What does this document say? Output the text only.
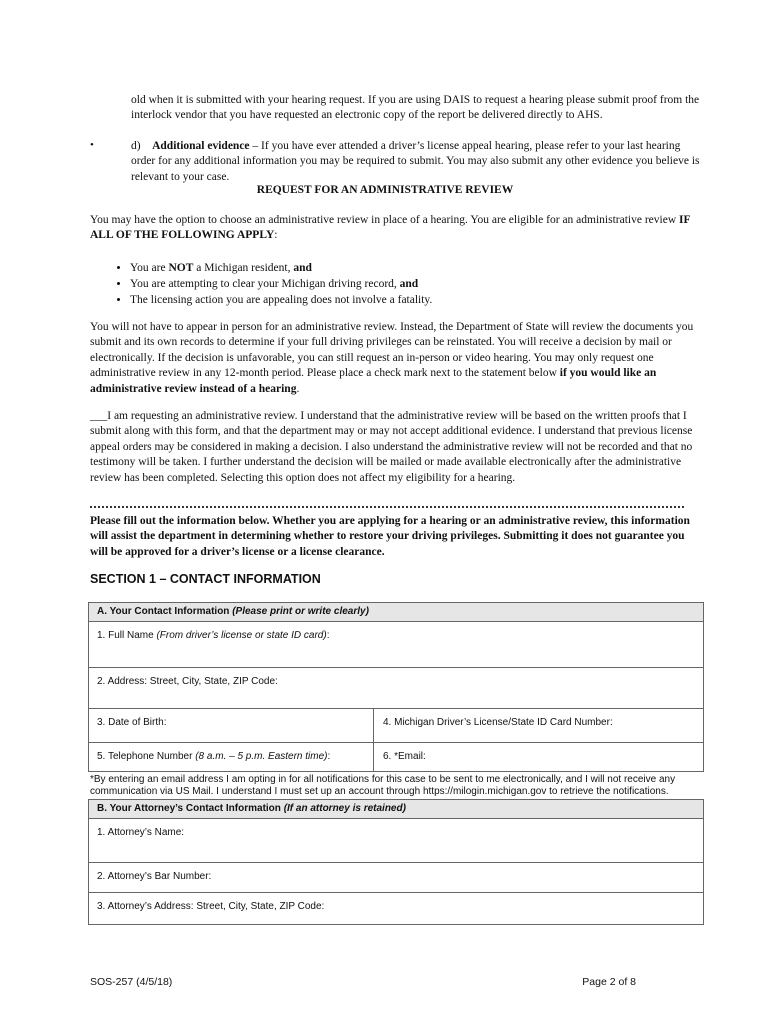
old when it is submitted with your hearing request. If you are using DAIS to request a hearing please submit proof from the interlock vendor that you have requested an electronic copy of the report be delivered directly to AHS.

•	d) Additional evidence – If you have ever attended a driver’s license appeal hearing, please refer to your last hearing order for any additional information you may be required to submit. You may also submit any other evidence you believe is relevant to your case.

REQUEST FOR AN ADMINISTRATIVE REVIEW

You may have the option to choose an administrative review in place of a hearing. You are eligible for an administrative review IF ALL OF THE FOLLOWING APPLY:

• You are NOT a Michigan resident, and
• You are attempting to clear your Michigan driving record, and
• The licensing action you are appealing does not involve a fatality.

You will not have to appear in person for an administrative review. Instead, the Department of State will review the documents you submit and its own records to determine if your full driving privileges can be reinstated. You will receive a decision by mail or electronically. If the decision is unfavorable, you can still request an in-person or video hearing. You may only request one administrative review in any 12-month period. Please place a check mark next to the statement below if you would like an administrative review instead of a hearing.

___I am requesting an administrative review. I understand that the administrative review will be based on the written proofs that I submit along with this form, and that the department may or may not accept additional evidence. I understand that previous license appeal orders may be considered in making a decision. I also understand the administrative review will not be recorded and that no testimony will be taken. I further understand the decision will be mailed or made available electronically after the administrative review has been completed. Selecting this option does not affect my eligibility for a hearing.

Please fill out the information below. Whether you are applying for a hearing or an administrative review, this information will assist the department in determining whether to restore your driving privileges. Submitting it does not guarantee you will be approved for a driver’s license or a license clearance.

SECTION 1 – CONTACT INFORMATION
A. Your Contact Information (Please print or write clearly)
1. Full Name (From driver’s license or state ID card):
2. Address: Street, City, State, ZIP Code:
3. Date of Birth:	4. Michigan Driver’s License/State ID Card Number:
5. Telephone Number (8 a.m. – 5 p.m. Eastern time):	6. *Email:
*By entering an email address I am opting in for all notifications for this case to be sent to me electronically, and I will not receive any communication via US Mail. I understand I must set up an account through https://milogin.michigan.gov to retrieve the notifications.
B. Your Attorney’s Contact Information (If an attorney is retained)
1. Attorney’s Name:
2. Attorney’s Bar Number:
3. Attorney’s Address: Street, City, State, ZIP Code:
SOS-257 (4/5/18)	Page 2 of 8
